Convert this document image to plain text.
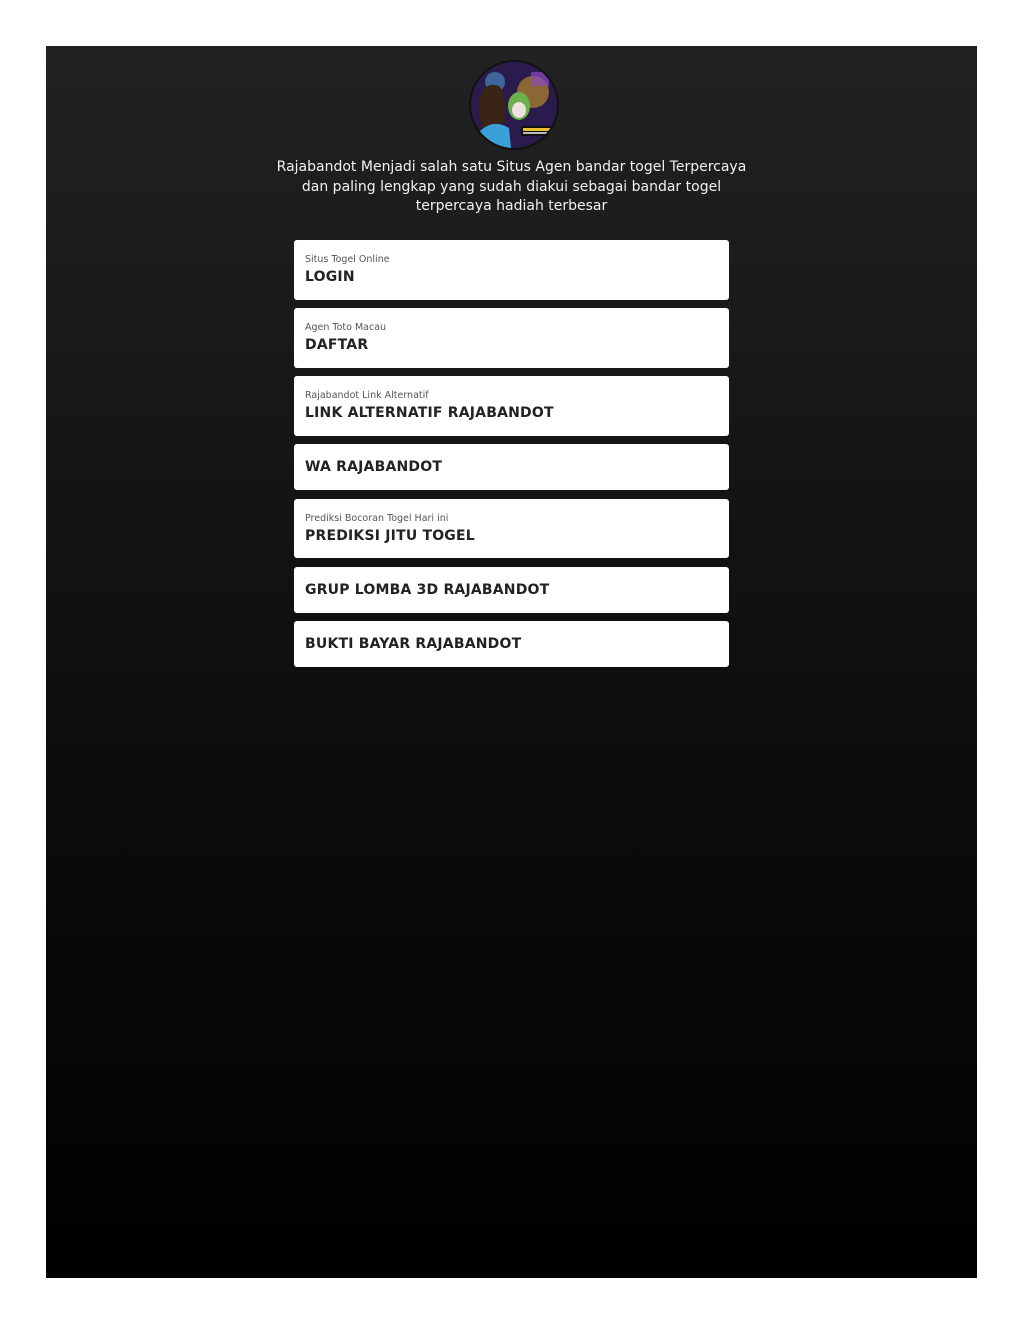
Rajabandot Menjadi salah satu Situs Agen bandar togel Terpercaya dan paling lengkap yang sudah diakui sebagai bandar togel terpercaya hadiah terbesar
Situs Togel Online
LOGIN
Agen Toto Macau
DAFTAR
Rajabandot Link Alternatif
LINK ALTERNATIF RAJABANDOT
WA RAJABANDOT
Prediksi Bocoran Togel Hari ini
PREDIKSI JITU TOGEL
GRUP LOMBA 3D RAJABANDOT
BUKTI BAYAR RAJABANDOT
